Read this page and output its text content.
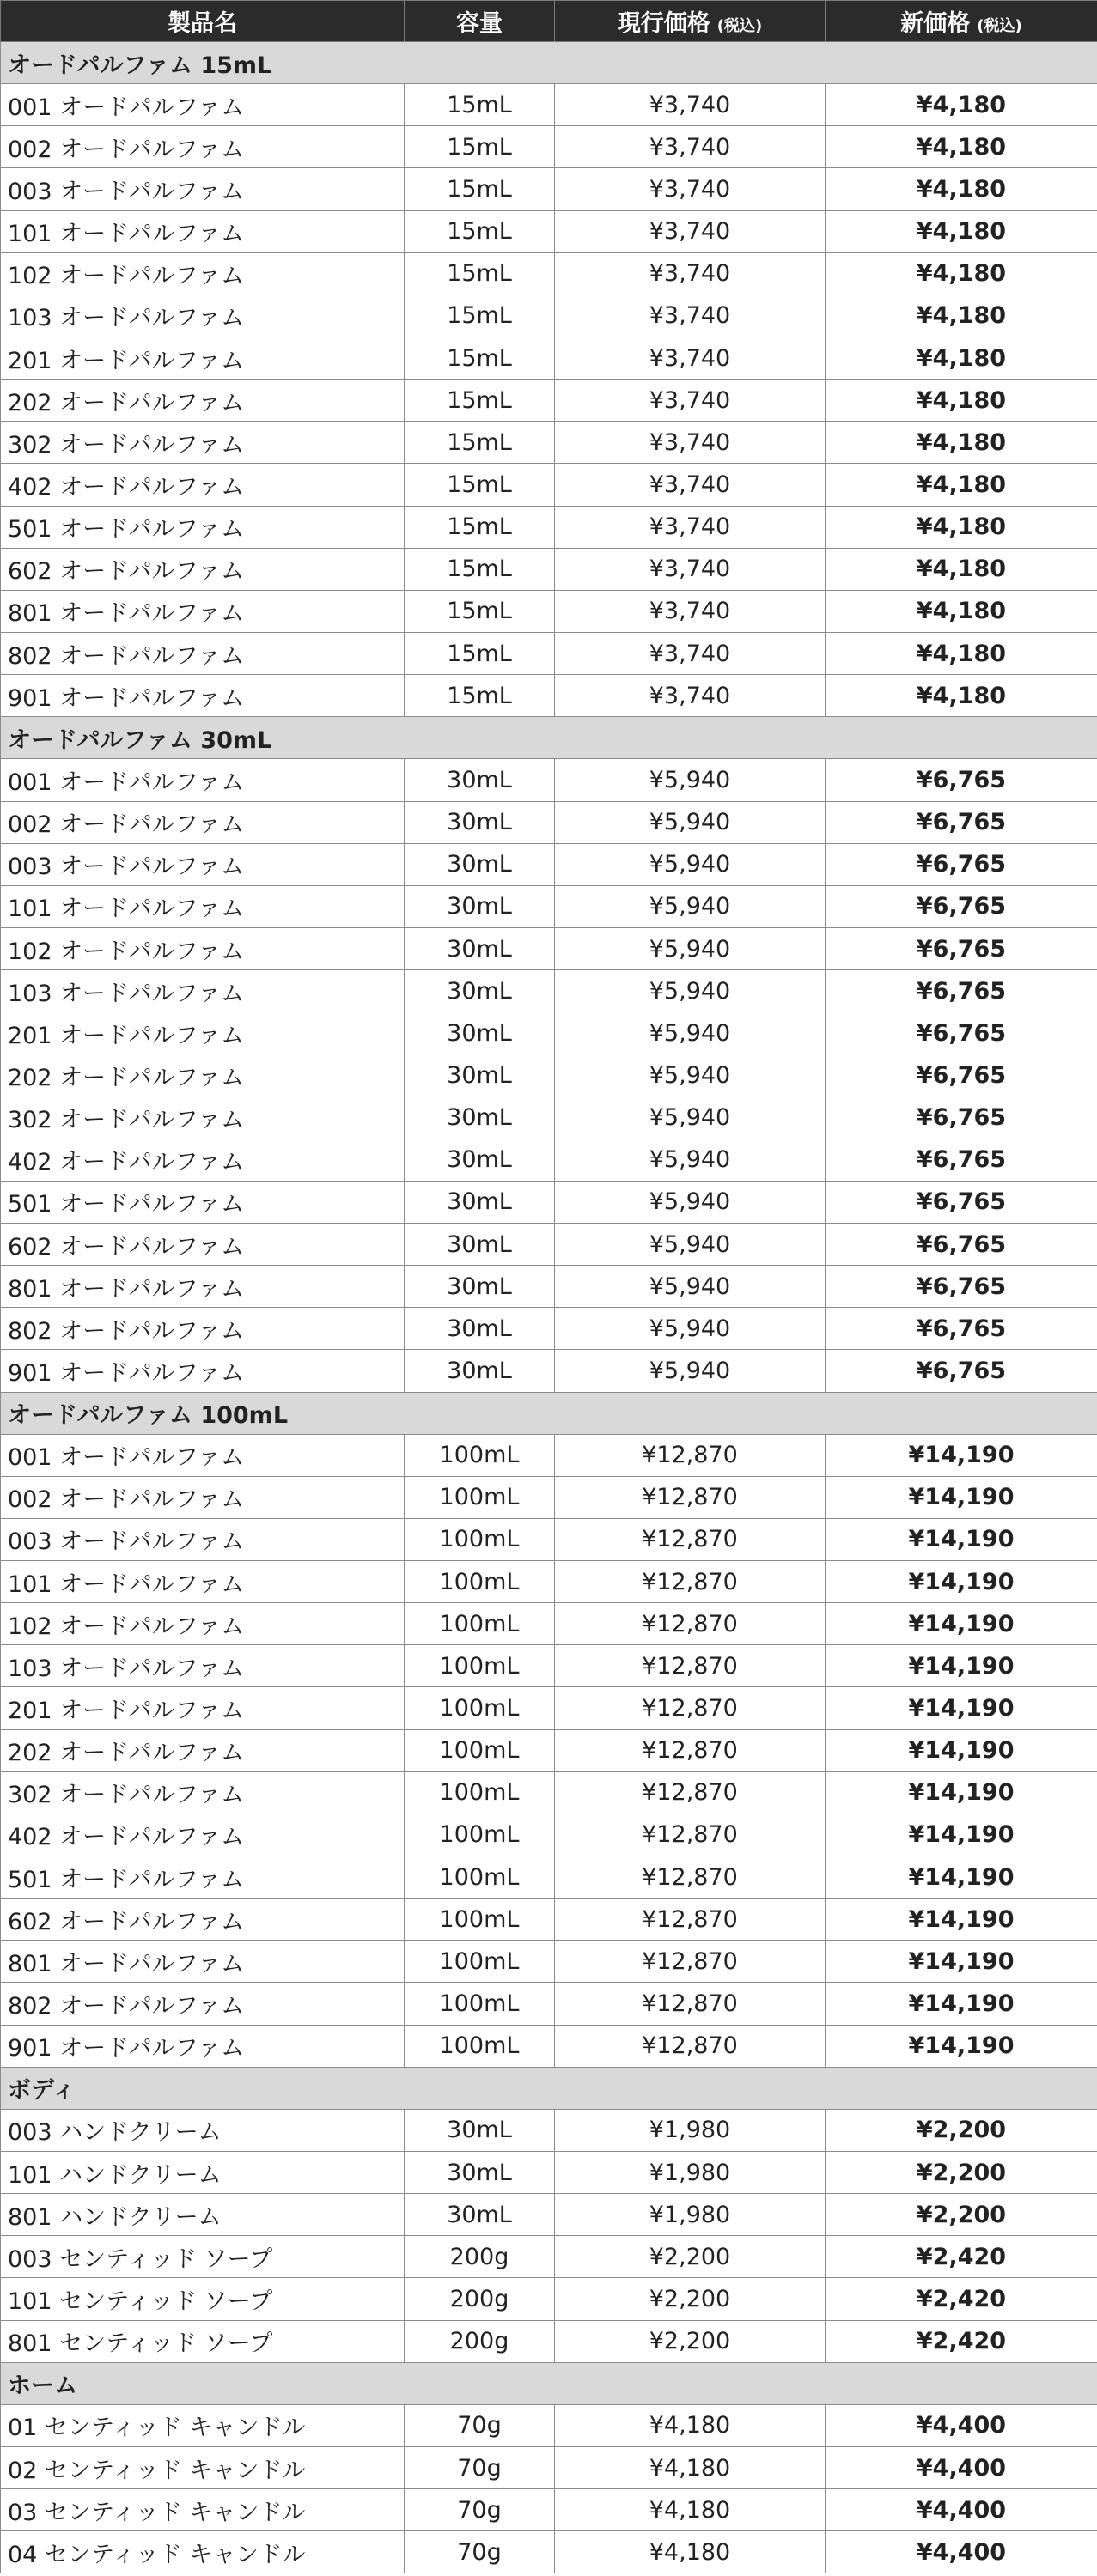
製品名	容量	現行価格 (税込)	新価格 (税込)
オードパルファム 15mL			
001 オードパルファム	15mL	¥3,740	¥4,180
002 オードパルファム	15mL	¥3,740	¥4,180
003 オードパルファム	15mL	¥3,740	¥4,180
101 オードパルファム	15mL	¥3,740	¥4,180
102 オードパルファム	15mL	¥3,740	¥4,180
103 オードパルファム	15mL	¥3,740	¥4,180
201 オードパルファム	15mL	¥3,740	¥4,180
202 オードパルファム	15mL	¥3,740	¥4,180
302 オードパルファム	15mL	¥3,740	¥4,180
402 オードパルファム	15mL	¥3,740	¥4,180
501 オードパルファム	15mL	¥3,740	¥4,180
602 オードパルファム	15mL	¥3,740	¥4,180
801 オードパルファム	15mL	¥3,740	¥4,180
802 オードパルファム	15mL	¥3,740	¥4,180
901 オードパルファム	15mL	¥3,740	¥4,180
オードパルファム 30mL			
001 オードパルファム	30mL	¥5,940	¥6,765
002 オードパルファム	30mL	¥5,940	¥6,765
003 オードパルファム	30mL	¥5,940	¥6,765
101 オードパルファム	30mL	¥5,940	¥6,765
102 オードパルファム	30mL	¥5,940	¥6,765
103 オードパルファム	30mL	¥5,940	¥6,765
201 オードパルファム	30mL	¥5,940	¥6,765
202 オードパルファム	30mL	¥5,940	¥6,765
302 オードパルファム	30mL	¥5,940	¥6,765
402 オードパルファム	30mL	¥5,940	¥6,765
501 オードパルファム	30mL	¥5,940	¥6,765
602 オードパルファム	30mL	¥5,940	¥6,765
801 オードパルファム	30mL	¥5,940	¥6,765
802 オードパルファム	30mL	¥5,940	¥6,765
901 オードパルファム	30mL	¥5,940	¥6,765
オードパルファム 100mL			
001 オードパルファム	100mL	¥12,870	¥14,190
002 オードパルファム	100mL	¥12,870	¥14,190
003 オードパルファム	100mL	¥12,870	¥14,190
101 オードパルファム	100mL	¥12,870	¥14,190
102 オードパルファム	100mL	¥12,870	¥14,190
103 オードパルファム	100mL	¥12,870	¥14,190
201 オードパルファム	100mL	¥12,870	¥14,190
202 オードパルファム	100mL	¥12,870	¥14,190
302 オードパルファム	100mL	¥12,870	¥14,190
402 オードパルファム	100mL	¥12,870	¥14,190
501 オードパルファム	100mL	¥12,870	¥14,190
602 オードパルファム	100mL	¥12,870	¥14,190
801 オードパルファム	100mL	¥12,870	¥14,190
802 オードパルファム	100mL	¥12,870	¥14,190
901 オードパルファム	100mL	¥12,870	¥14,190
ボディ			
003 ハンドクリーム	30mL	¥1,980	¥2,200
101 ハンドクリーム	30mL	¥1,980	¥2,200
801 ハンドクリーム	30mL	¥1,980	¥2,200
003 センティッド ソープ	200g	¥2,200	¥2,420
101 センティッド ソープ	200g	¥2,200	¥2,420
801 センティッド ソープ	200g	¥2,200	¥2,420
ホーム			
01 センティッド キャンドル	70g	¥4,180	¥4,400
02 センティッド キャンドル	70g	¥4,180	¥4,400
03 センティッド キャンドル	70g	¥4,180	¥4,400
04 センティッド キャンドル	70g	¥4,180	¥4,400
